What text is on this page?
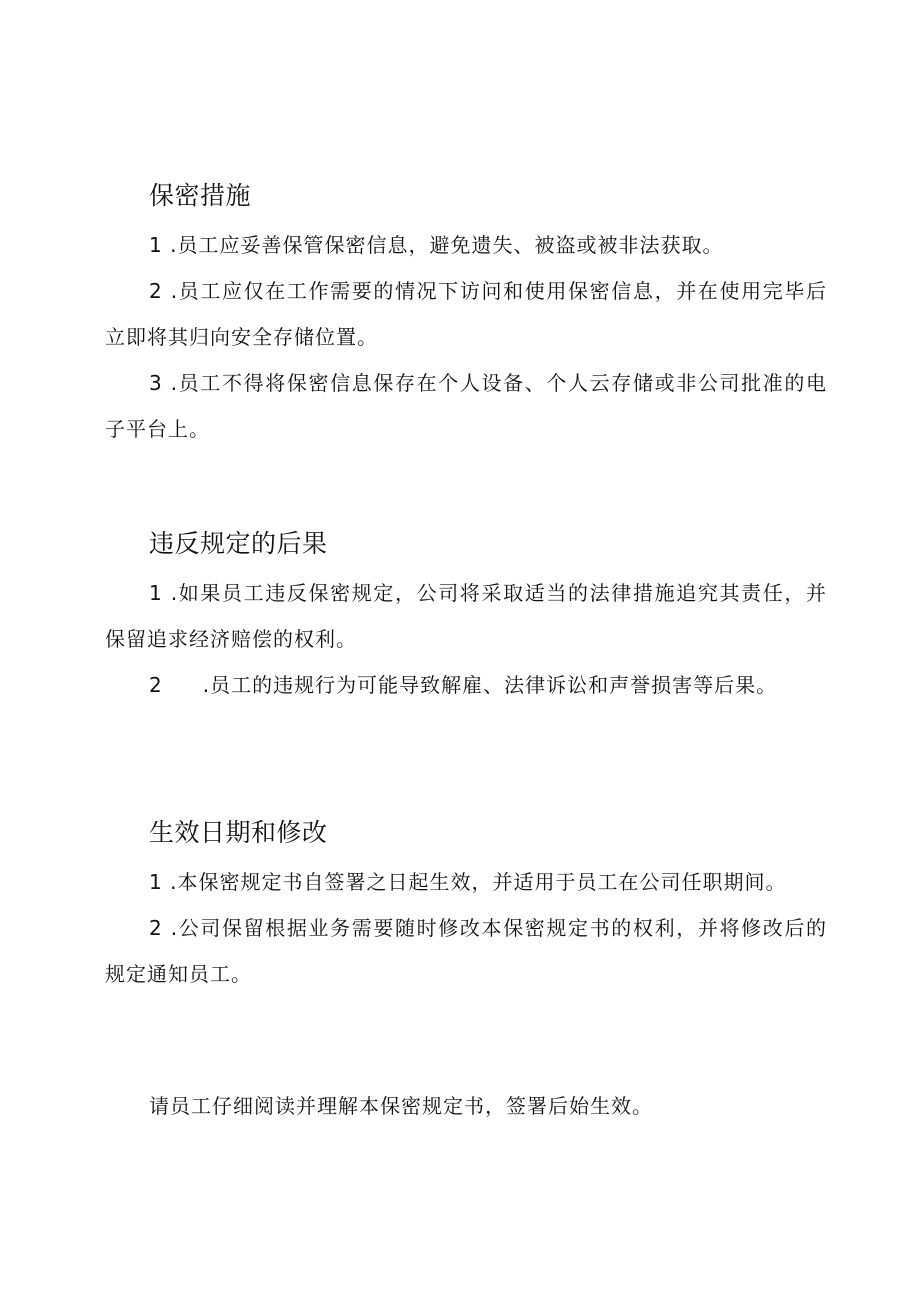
保密措施

1 .员工应妥善保管保密信息，避免遗失、被盗或被非法获取。

2 .员工应仅在工作需要的情况下访问和使用保密信息，并在使用完毕后立即将其归向安全存储位置。

3 .员工不得将保密信息保存在个人设备、个人云存储或非公司批准的电子平台上。

违反规定的后果

1 .如果员工违反保密规定，公司将采取适当的法律措施追究其责任，并保留追求经济赔偿的权利。

2 .员工的违规行为可能导致解雇、法律诉讼和声誉损害等后果。

生效日期和修改

1 .本保密规定书自签署之日起生效，并适用于员工在公司任职期间。

2 .公司保留根据业务需要随时修改本保密规定书的权利，并将修改后的规定通知员工。

请员工仔细阅读并理解本保密规定书，签署后始生效。
